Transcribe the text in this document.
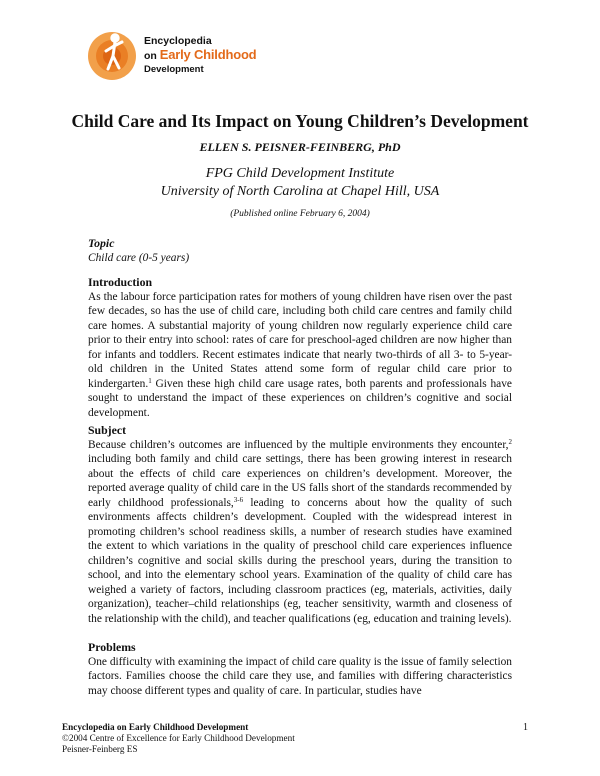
Encyclopedia
on Early Childhood
Development
Child Care and Its Impact on Young Children’s Development
ELLEN S. PEISNER-FEINBERG, PhD
FPG Child Development Institute
University of North Carolina at Chapel Hill, USA
(Published online February 6, 2004)
Topic
Child care (0-5 years)
Introduction
As the labour force participation rates for mothers of young children have risen over the past few decades, so has the use of child care, including both child care centres and family child care homes. A substantial majority of young children now regularly experience child care prior to their entry into school: rates of care for preschool-aged children are now higher than for infants and toddlers. Recent estimates indicate that nearly two-thirds of all 3- to 5-year-old children in the United States attend some form of regular child care prior to kindergarten.$^1$ Given these high child care usage rates, both parents and professionals have sought to understand the impact of these experiences on children’s cognitive and social development.
Subject
Because children’s outcomes are influenced by the multiple environments they encounter,$^2$ including both family and child care settings, there has been growing interest in research about the effects of child care experiences on children’s development. Moreover, the reported average quality of child care in the US falls short of the standards recommended by early childhood professionals,$^{3-6}$ leading to concerns about how the quality of such environments affects children’s development. Coupled with the widespread interest in promoting children’s school readiness skills, a number of research studies have examined the extent to which variations in the quality of preschool child care experiences influence children’s cognitive and social skills during the preschool years, during the transition to school, and into the elementary school years. Examination of the quality of child care has weighed a variety of factors, including classroom practices (eg, materials, activities, daily organization), teacher–child relationships (eg, teacher sensitivity, warmth and closeness of the relationship with the child), and teacher qualifications (eg, education and training levels).
Problems
One difficulty with examining the impact of child care quality is the issue of family selection factors. Families choose the child care they use, and families with differing characteristics may choose different types and quality of care. In particular, studies have
Encyclopedia on Early Childhood Development
©2004 Centre of Excellence for Early Childhood Development
Peisner-Feinberg ES
1
